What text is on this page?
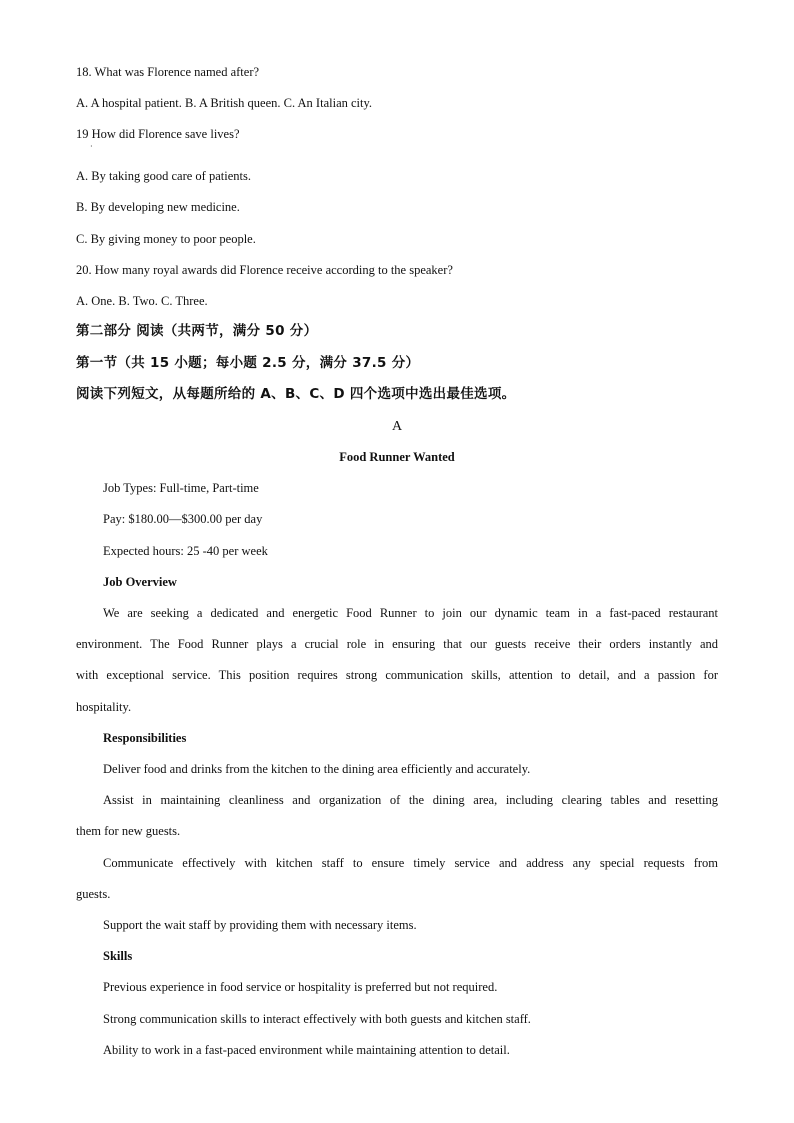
18. What was Florence named after?
A. A hospital patient. B. A British queen. C. An Italian city.
19 How did Florence save lives?
·
A. By taking good care of patients.
B. By developing new medicine.
C. By giving money to poor people.
20. How many royal awards did Florence receive according to the speaker?
A. One. B. Two. C. Three.
第二部分 阅读（共两节，满分 50 分）
第一节（共 15 小题；每小题 2.5 分，满分 37.5 分）
阅读下列短文，从每题所给的 A、B、C、D 四个选项中选出最佳选项。
A
Food Runner Wanted
Job Types: Full-time, Part-time
Pay: $180.00—$300.00 per day
Expected hours: 25 -40 per week
Job Overview
We are seeking a dedicated and energetic Food Runner to join our dynamic team in a fast-paced restaurant
environment. The Food Runner plays a crucial role in ensuring that our guests receive their orders instantly and
with exceptional service. This position requires strong communication skills, attention to detail, and a passion for
hospitality.
Responsibilities
Deliver food and drinks from the kitchen to the dining area efficiently and accurately.
Assist in maintaining cleanliness and organization of the dining area, including clearing tables and resetting
them for new guests.
Communicate effectively with kitchen staff to ensure timely service and address any special requests from
guests.
Support the wait staff by providing them with necessary items.
Skills
Previous experience in food service or hospitality is preferred but not required.
Strong communication skills to interact effectively with both guests and kitchen staff.
Ability to work in a fast-paced environment while maintaining attention to detail.
